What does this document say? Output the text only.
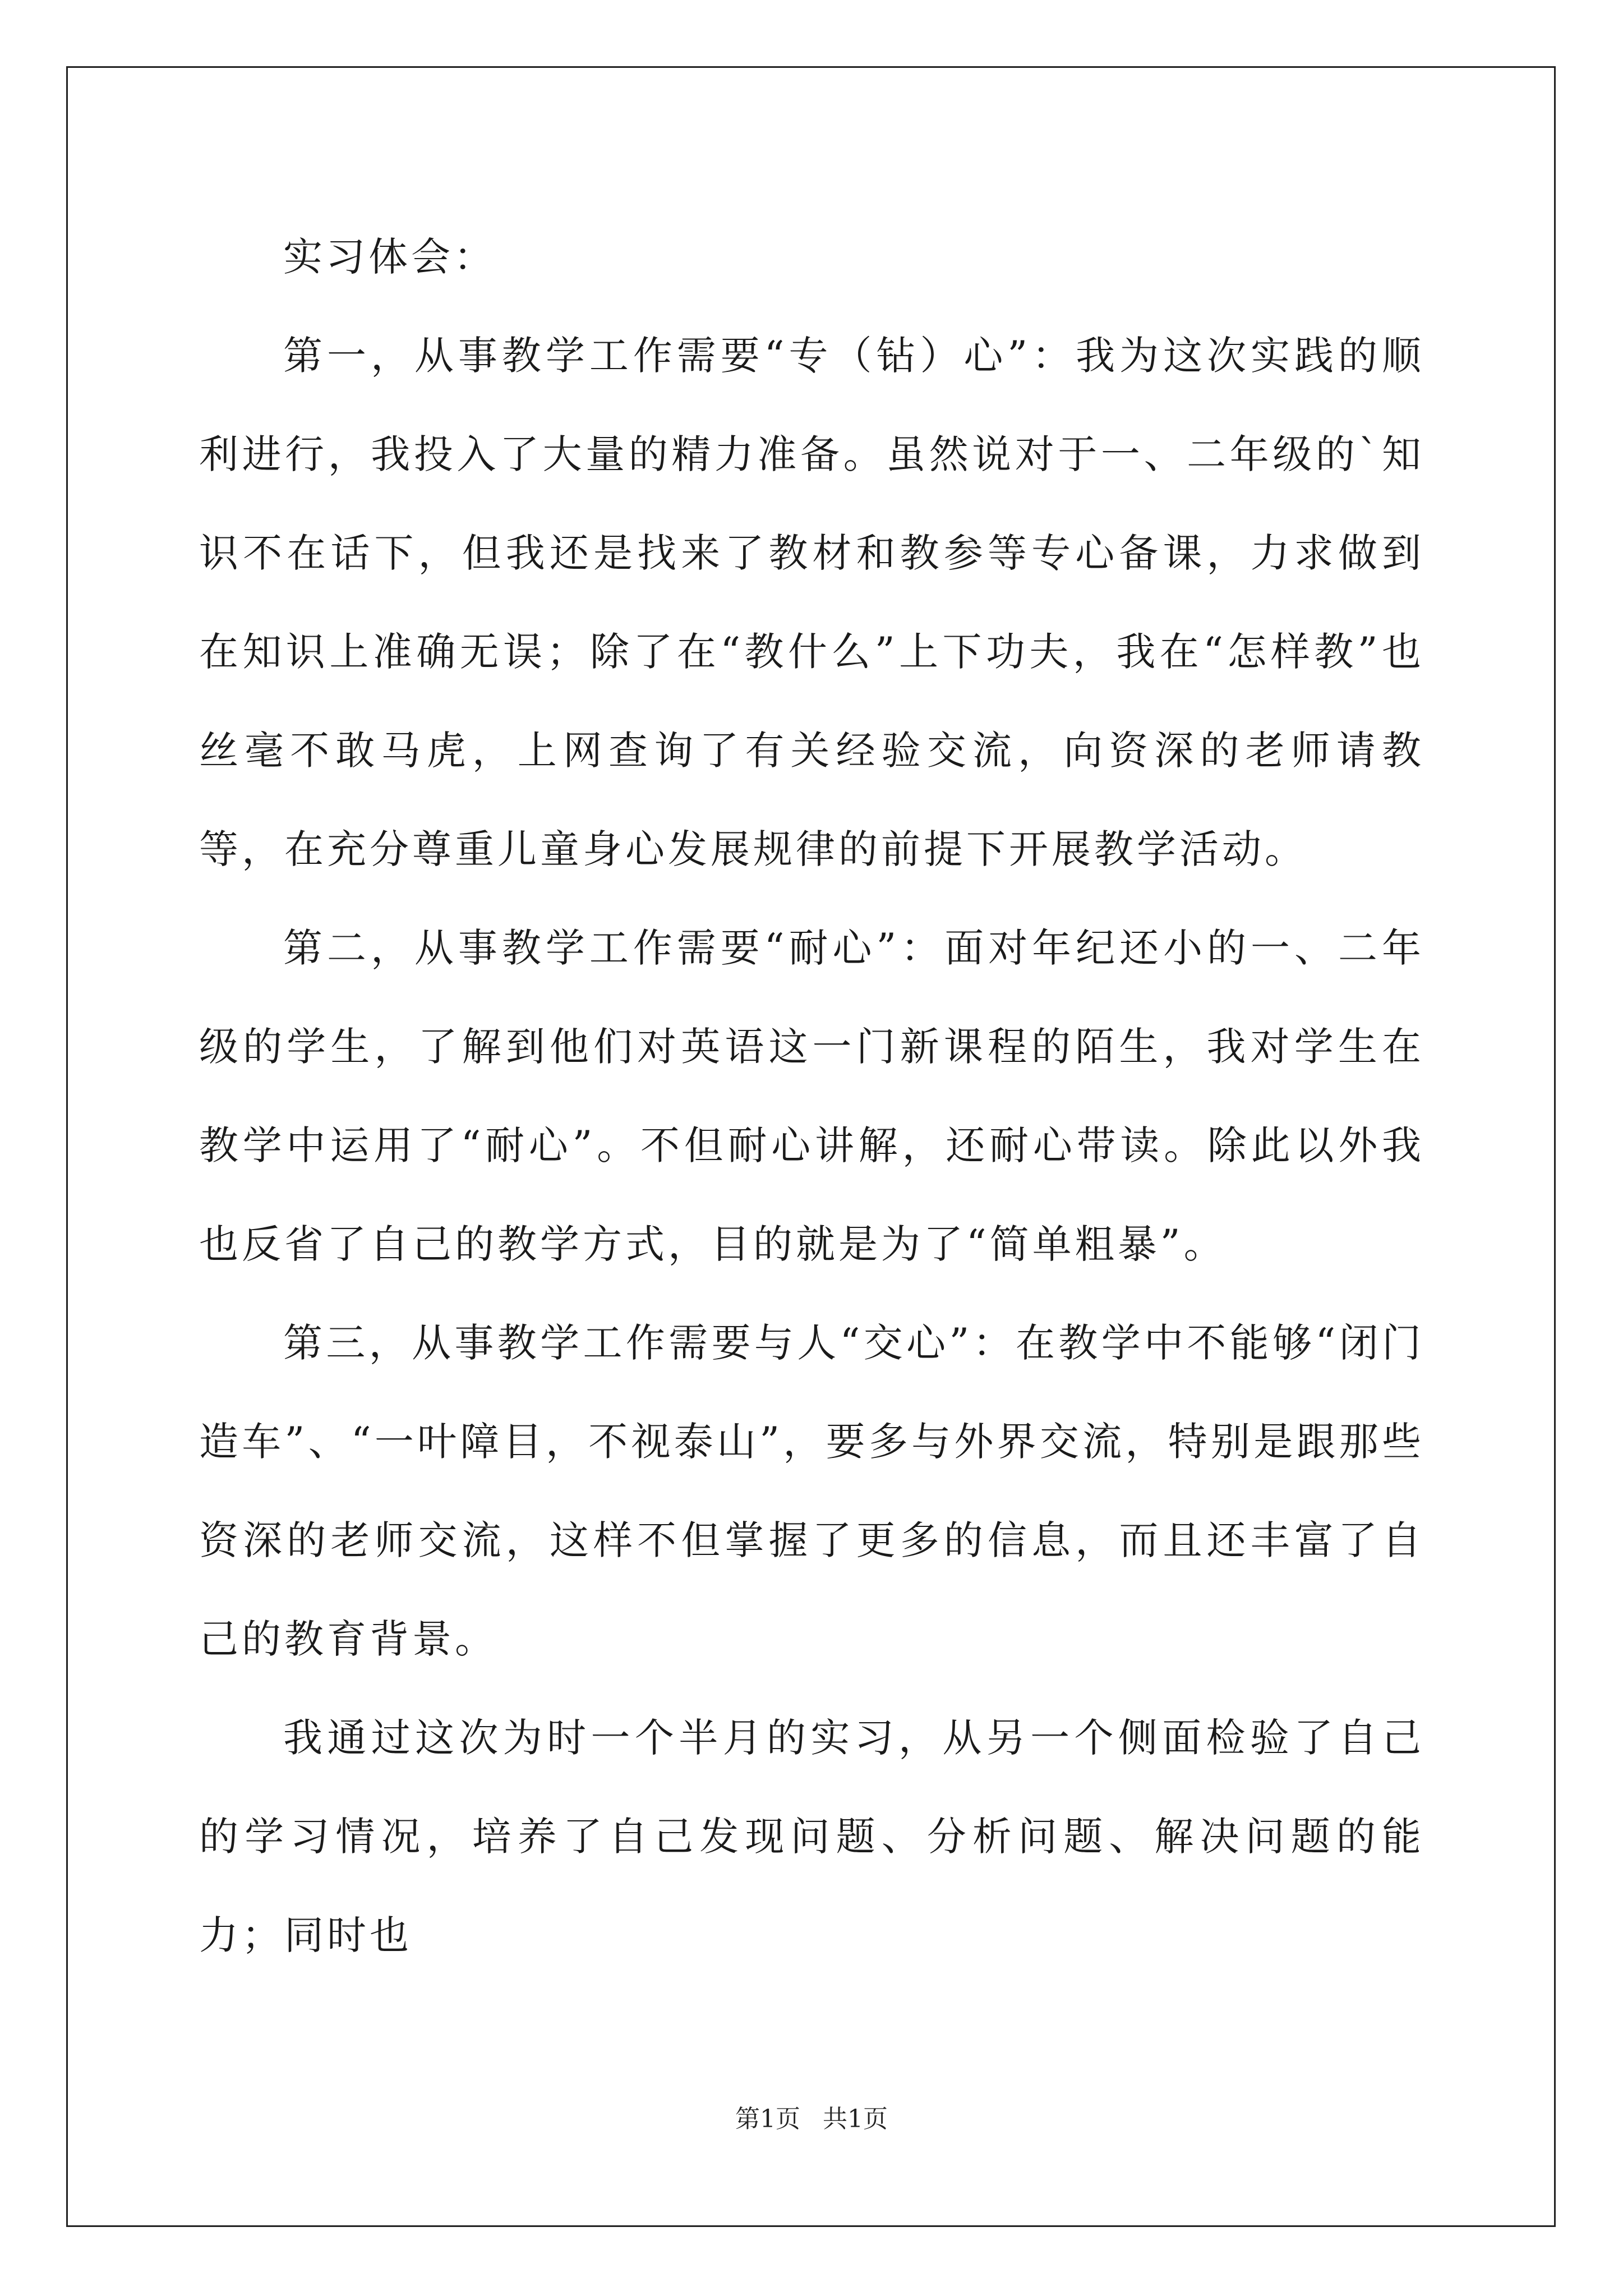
实习体会：

第一，从事教学工作需要“专（钻）心”：我为这次实践的顺利进行，我投入了大量的精力准备。虽然说对于一、二年级的`知识不在话下，但我还是找来了教材和教参等专心备课，力求做到在知识上准确无误；除了在“教什么”上下功夫，我在“怎样教”也丝毫不敢马虎，上网查询了有关经验交流，向资深的老师请教等，在充分尊重儿童身心发展规律的前提下开展教学活动。

第二，从事教学工作需要“耐心”：面对年纪还小的一、二年级的学生，了解到他们对英语这一门新课程的陌生，我对学生在教学中运用了“耐心”。不但耐心讲解，还耐心带读。除此以外我也反省了自己的教学方式，目的就是为了“简单粗暴”。

第三，从事教学工作需要与人“交心”：在教学中不能够“闭门造车”、“一叶障目，不视泰山”，要多与外界交流，特别是跟那些资深的老师交流，这样不但掌握了更多的信息，而且还丰富了自己的教育背景。

我通过这次为时一个半月的实习，从另一个侧面检验了自己的学习情况，培养了自己发现问题、分析问题、解决问题的能力；同时也

第1页 共1页
